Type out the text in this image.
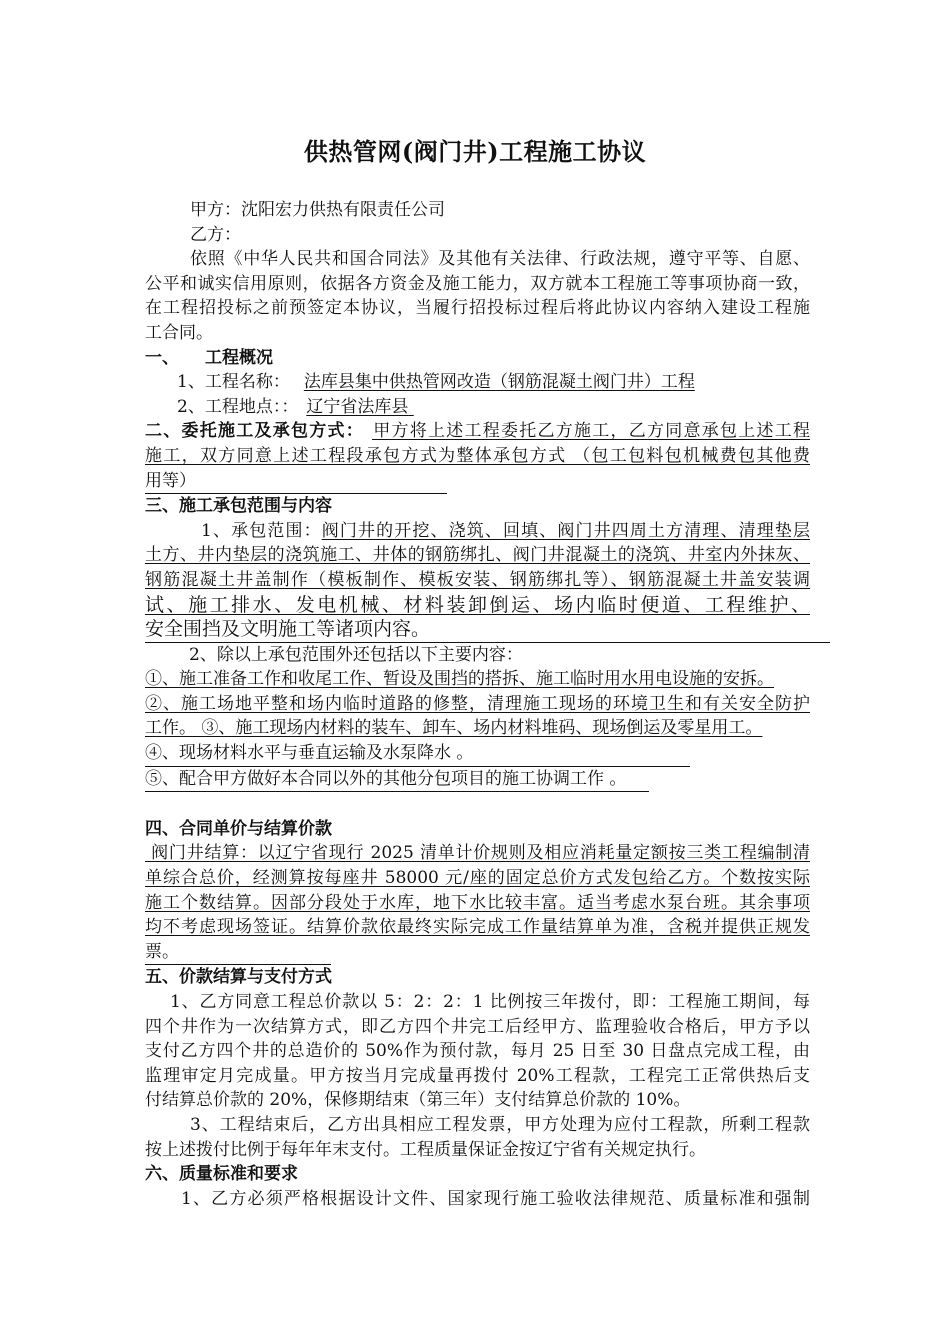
供热管网(阀门井)工程施工协议
甲方：沈阳宏力供热有限责任公司
乙方：
依照《中华人民共和国合同法》及其他有关法律、行政法规，遵守平等、自愿、
公平和诚实信用原则，依据各方资金及施工能力，双方就本工程施工等事项协商一致，
在工程招投标之前预签定本协议，当履行招投标过程后将此协议内容纳入建设工程施
工合同。
一、 工程概况
1、工程名称： 法库县集中供热管网改造（钢筋混凝土阀门井）工程
2、工程地点：： 辽宁省法库县
二、委托施工及承包方式： 甲方将上述工程委托乙方施工，乙方同意承包上述工程
施工，双方同意上述工程段承包方式为整体承包方式 （包工包料包机械费包其他费
用等）
三、施工承包范围与内容
1、承包范围：阀门井的开挖、浇筑、回填、阀门井四周土方清理、清理垫层
土方、井内垫层的浇筑施工、井体的钢筋绑扎、阀门井混凝土的浇筑、井室内外抹灰、
钢筋混凝土井盖制作（模板制作、模板安装、钢筋绑扎等）、钢筋混凝土井盖安装调
试、施工排水、发电机械、材料装卸倒运、场内临时便道、工程维护、
安全围挡及文明施工等诸项内容。
2、除以上承包范围外还包括以下主要内容：
①、施工准备工作和收尾工作、暂设及围挡的搭拆、施工临时用水用电设施的安拆。
②、施工场地平整和场内临时道路的修整，清理施工现场的环境卫生和有关安全防护
工作。 ③、施工现场内材料的装车、卸车、场内材料堆码、现场倒运及零星用工。
④、现场材料水平与垂直运输及水泵降水 。
⑤、配合甲方做好本合同以外的其他分包项目的施工协调工作 。
四、合同单价与结算价款
阀门井结算：以辽宁省现行 2025 清单计价规则及相应消耗量定额按三类工程编制清
单综合总价，经测算按每座井 58000 元/座的固定总价方式发包给乙方。个数按实际
施工个数结算。因部分段处于水库，地下水比较丰富。适当考虑水泵台班。其余事项
均不考虑现场签证。结算价款依最终实际完成工作量结算单为准，含税并提供正规发
票。
五、价款结算与支付方式
1、乙方同意工程总价款以 5：2：2：1 比例按三年拨付，即：工程施工期间，每
四个井作为一次结算方式，即乙方四个井完工后经甲方、监理验收合格后，甲方予以
支付乙方四个井的总造价的 50%作为预付款，每月 25 日至 30 日盘点完成工程，由
监理审定月完成量。甲方按当月完成量再拨付 20%工程款，工程完工正常供热后支
付结算总价款的 20%，保修期结束（第三年）支付结算总价款的 10%。
3、工程结束后，乙方出具相应工程发票，甲方处理为应付工程款，所剩工程款
按上述拨付比例于每年年末支付。工程质量保证金按辽宁省有关规定执行。
六、质量标准和要求
1、乙方必须严格根据设计文件、国家现行施工验收法律规范、质量标准和强制
